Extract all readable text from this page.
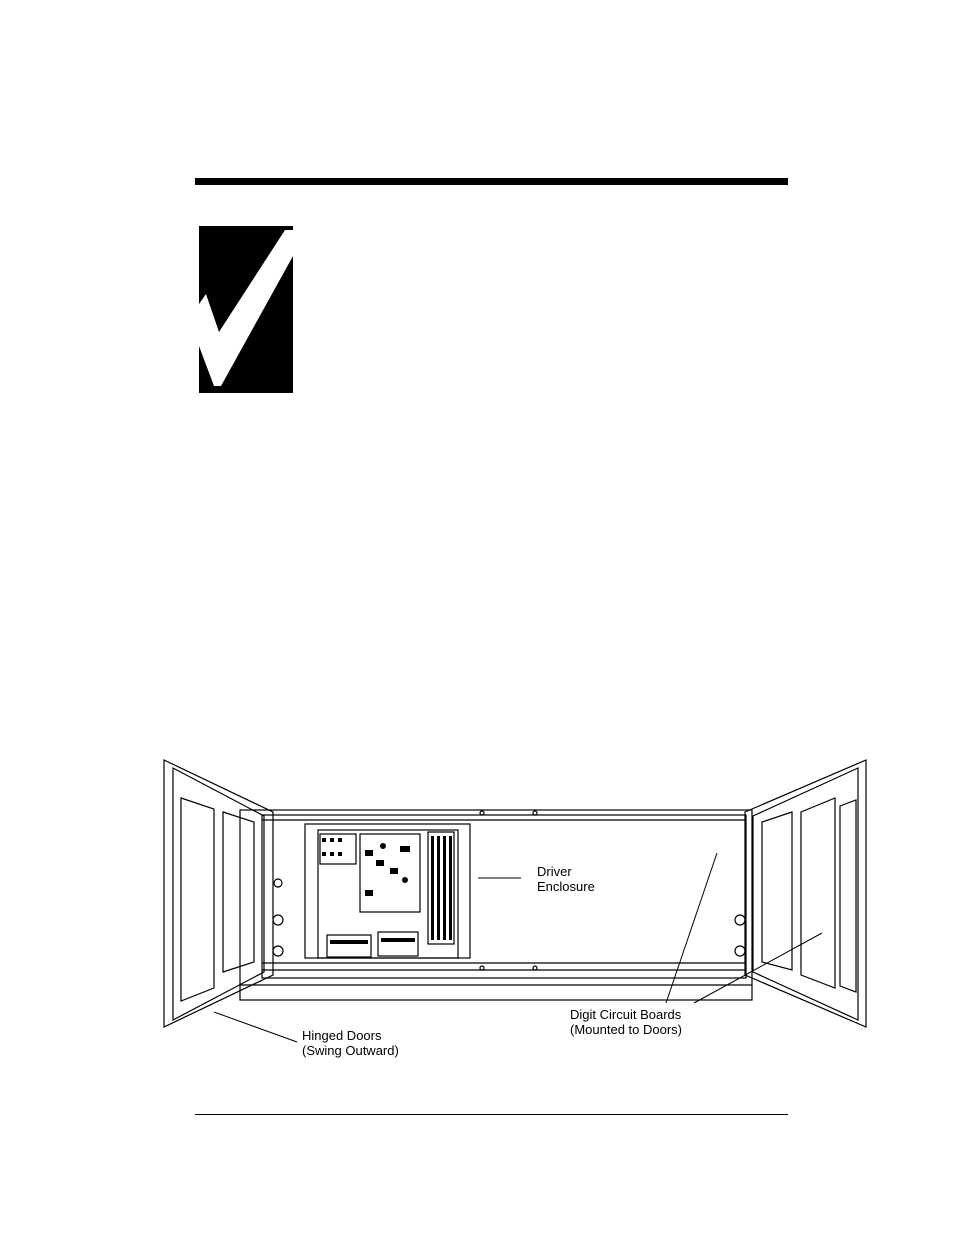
Driver
Enclosure
Digit Circuit Boards
(Mounted to Doors)
Hinged Doors
(Swing Outward)
